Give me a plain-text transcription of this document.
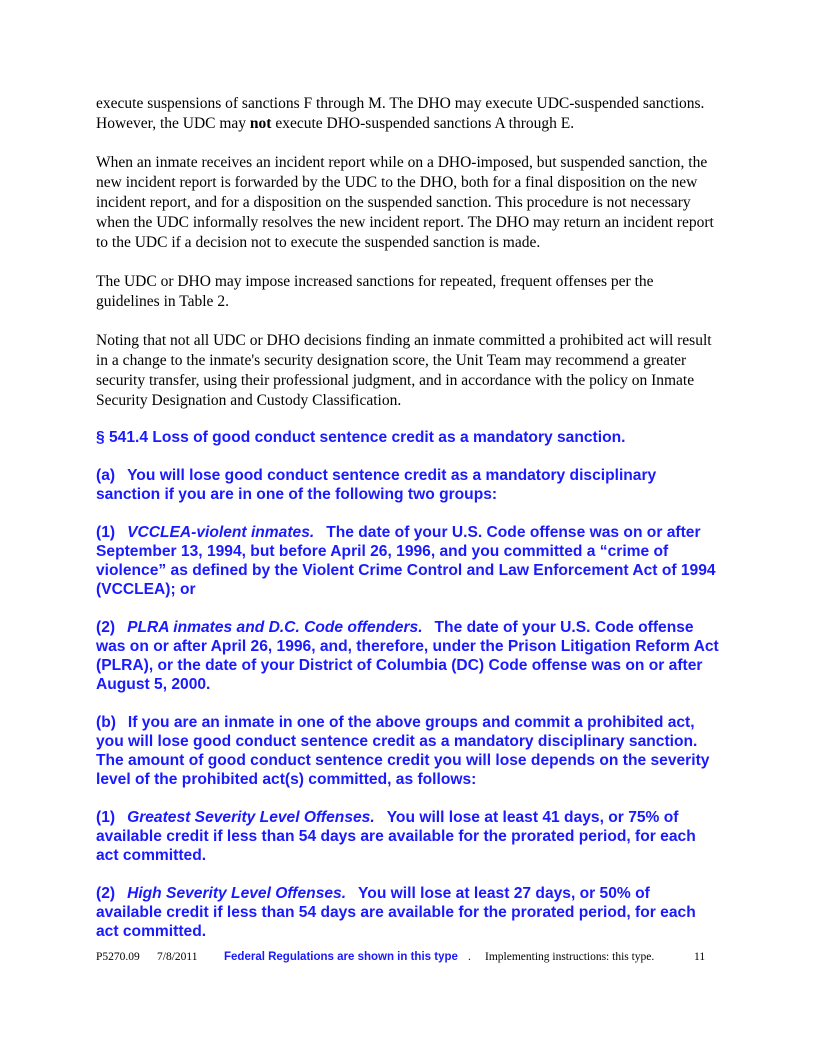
execute suspensions of sanctions F through M. The DHO may execute UDC-suspended sanctions. However, the UDC may not execute DHO-suspended sanctions A through E.

When an inmate receives an incident report while on a DHO-imposed, but suspended sanction, the new incident report is forwarded by the UDC to the DHO, both for a final disposition on the new incident report, and for a disposition on the suspended sanction. This procedure is not necessary when the UDC informally resolves the new incident report. The DHO may return an incident report to the UDC if a decision not to execute the suspended sanction is made.

The UDC or DHO may impose increased sanctions for repeated, frequent offenses per the guidelines in Table 2.

Noting that not all UDC or DHO decisions finding an inmate committed a prohibited act will result in a change to the inmate's security designation score, the Unit Team may recommend a greater security transfer, using their professional judgment, and in accordance with the policy on Inmate Security Designation and Custody Classification.

§ 541.4 Loss of good conduct sentence credit as a mandatory sanction.

(a) You will lose good conduct sentence credit as a mandatory disciplinary sanction if you are in one of the following two groups:

(1) VCCLEA-violent inmates. The date of your U.S. Code offense was on or after September 13, 1994, but before April 26, 1996, and you committed a “crime of violence” as defined by the Violent Crime Control and Law Enforcement Act of 1994 (VCCLEA); or

(2) PLRA inmates and D.C. Code offenders. The date of your U.S. Code offense was on or after April 26, 1996, and, therefore, under the Prison Litigation Reform Act (PLRA), or the date of your District of Columbia (DC) Code offense was on or after August 5, 2000.

(b) If you are an inmate in one of the above groups and commit a prohibited act, you will lose good conduct sentence credit as a mandatory disciplinary sanction. The amount of good conduct sentence credit you will lose depends on the severity level of the prohibited act(s) committed, as follows:

(1) Greatest Severity Level Offenses. You will lose at least 41 days, or 75% of available credit if less than 54 days are available for the prorated period, for each act committed.

(2) High Severity Level Offenses. You will lose at least 27 days, or 50% of available credit if less than 54 days are available for the prorated period, for each act committed.

P5270.09 7/8/2011 Federal Regulations are shown in this type . Implementing instructions: this type.	11
